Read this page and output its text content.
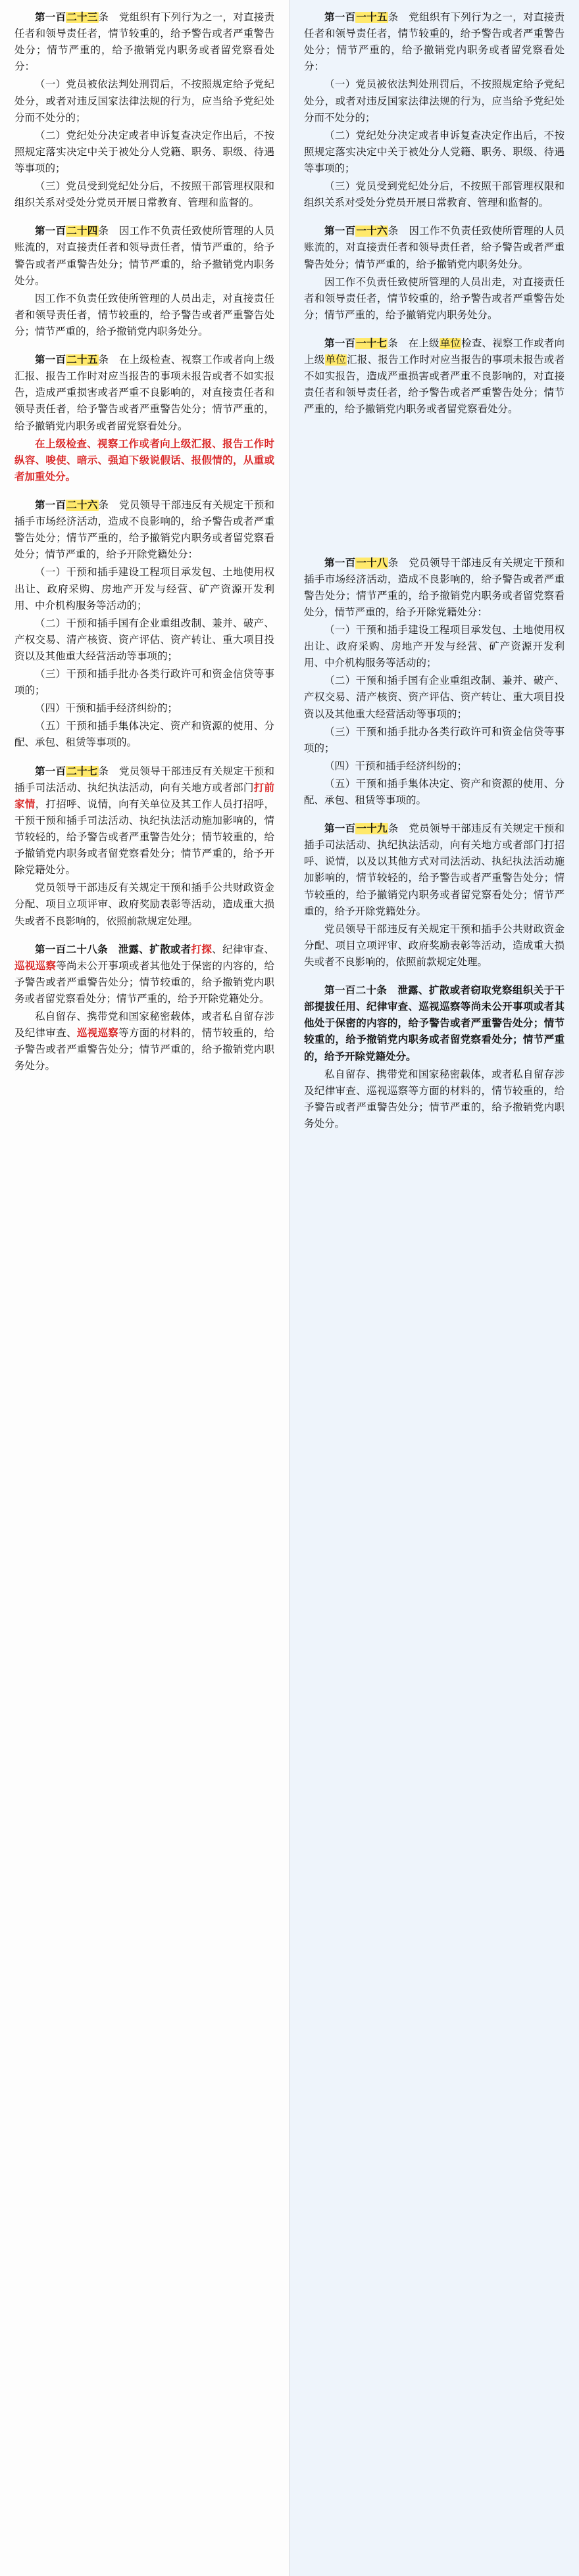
第一百二十三条　党组织有下列行为之一，对直接责任者和领导责任者，情节较重的，给予警告或者严重警告处分；情节严重的，给予撤销党内职务或者留党察看处分：

（一）党员被依法判处刑罚后，不按照规定给予党纪处分，或者对违反国家法律法规的行为，应当给予党纪处分而不处分的；

（二）党纪处分决定或者申诉复查决定作出后，不按照规定落实决定中关于被处分人党籍、职务、职级、待遇等事项的；

（三）党员受到党纪处分后，不按照干部管理权限和组织关系对受处分党员开展日常教育、管理和监督的。

第一百二十四条　因工作不负责任致使所管理的人员账流的，对直接责任者和领导责任者，情节严重的，给予警告或者严重警告处分；情节严重的，给予撤销党内职务处分。

因工作不负责任致使所管理的人员出走，对直接责任者和领导责任者，情节较重的，给予警告或者严重警告处分；情节严重的，给予撤销党内职务处分。

第一百二十五条　在上级检查、视察工作或者向上级汇报、报告工作时对应当报告的事项未报告或者不如实报告，造成严重损害或者严重不良影响的，对直接责任者和领导责任者，给予警告或者严重警告处分；情节严重的，给予撤销党内职务或者留党察看处分。

在上级检查、视察工作或者向上级汇报、报告工作时纵容、唆使、暗示、强迫下级说假话、报假情的，从重或者加重处分。

第一百二十六条　党员领导干部违反有关规定干预和插手市场经济活动，造成不良影响的，给予警告或者严重警告处分；情节严重的，给予撤销党内职务或者留党察看处分；情节严重的，给予开除党籍处分：

（一）干预和插手建设工程项目承发包、土地使用权出让、政府采购、房地产开发与经营、矿产资源开发利用、中介机构服务等活动的；

（二）干预和插手国有企业重组改制、兼并、破产、产权交易、清产核资、资产评估、资产转让、重大项目投资以及其他重大经营活动等事项的；

（三）干预和插手批办各类行政许可和资金信贷等事项的；

（四）干预和插手经济纠纷的；

（五）干预和插手集体决定、资产和资源的使用、分配、承包、租赁等事项的。

第一百二十七条　党员领导干部违反有关规定干预和插手司法活动、执纪执法活动，向有关地方或者部门打前家情，打招呼、说情，向有关单位及其工作人员打招呼，干预干预和插手司法活动、执纪执法活动施加影响的，情节较轻的，给予警告或者严重警告处分；情节较重的，给予撤销党内职务或者留党察看处分；情节严重的，给予开除党籍处分。

党员领导干部违反有关规定干预和插手公共财政资金分配、项目立项评审、政府奖励表彰等活动，造成重大损失或者不良影响的，依照前款规定处理。

第一百二十八条　泄露、扩散或者打探、纪律审查、巡视巡察等尚未公开事项或者其他处于保密的内容的，给予警告或者严重警告处分；情节较重的，给予撤销党内职务或者留党察看处分；情节严重的，给予开除党籍处分。

私自留存、携带党和国家秘密载体，或者私自留存涉及纪律审查、巡视巡察等方面的材料的，情节较重的，给予警告或者严重警告处分；情节严重的，给予撤销党内职务处分。

第一百一十五条　党组织有下列行为之一，对直接责任者和领导责任者，情节较重的，给予警告或者严重警告处分；情节严重的，给予撤销党内职务或者留党察看处分：

（一）党员被依法判处刑罚后，不按照规定给予党纪处分，或者对违反国家法律法规的行为，应当给予党纪处分而不处分的；

（二）党纪处分决定或者申诉复查决定作出后，不按照规定落实决定中关于被处分人党籍、职务、职级、待遇等事项的；

（三）党员受到党纪处分后，不按照干部管理权限和组织关系对受处分党员开展日常教育、管理和监督的。

第一百一十六条　因工作不负责任致使所管理的人员账流的，对直接责任者和领导责任者，给予警告或者严重警告处分；情节严重的，给予撤销党内职务处分。

因工作不负责任致使所管理的人员出走，对直接责任者和领导责任者，情节较重的，给予警告或者严重警告处分；情节严重的，给予撤销党内职务处分。

第一百一十七条　在上级单位检查、视察工作或者向上级单位汇报、报告工作时对应当报告的事项未报告或者不如实报告，造成严重损害或者严重不良影响的，对直接责任者和领导责任者，给予警告或者严重警告处分；情节严重的，给予撤销党内职务或者留党察看处分。

第一百一十八条　党员领导干部违反有关规定干预和插手市场经济活动，造成不良影响的，给予警告或者严重警告处分；情节严重的，给予撤销党内职务或者留党察看处分，情节严重的，给予开除党籍处分：

（一）干预和插手建设工程项目承发包、土地使用权出让、政府采购、房地产开发与经营、矿产资源开发利用、中介机构服务等活动的；

（二）干预和插手国有企业重组改制、兼并、破产、产权交易、清产核资、资产评估、资产转让、重大项目投资以及其他重大经营活动等事项的；

（三）干预和插手批办各类行政许可和资金信贷等事项的；

（四）干预和插手经济纠纷的；

（五）干预和插手集体决定、资产和资源的使用、分配、承包、租赁等事项的。

第一百一十九条　党员领导干部违反有关规定干预和插手司法活动、执纪执法活动，向有关地方或者部门打招呼、说情，以及以其他方式对司法活动、执纪执法活动施加影响的，情节较轻的，给予警告或者严重警告处分；情节较重的，给予撤销党内职务或者留党察看处分；情节严重的，给予开除党籍处分。

党员领导干部违反有关规定干预和插手公共财政资金分配、项目立项评审、政府奖励表彰等活动，造成重大损失或者不良影响的，依照前款规定处理。

第一百二十条　泄露、扩散或者窃取党察组织关于干部提拔任用、纪律审查、巡视巡察等尚未公开事项或者其他处于保密的内容的，给予警告或者严重警告处分；情节较重的，给予撤销党内职务或者留党察看处分；情节严重的，给予开除党籍处分。

私自留存、携带党和国家秘密载体，或者私自留存涉及纪律审查、巡视巡察等方面的材料的，情节较重的，给予警告或者严重警告处分；情节严重的，给予撤销党内职务处分。
